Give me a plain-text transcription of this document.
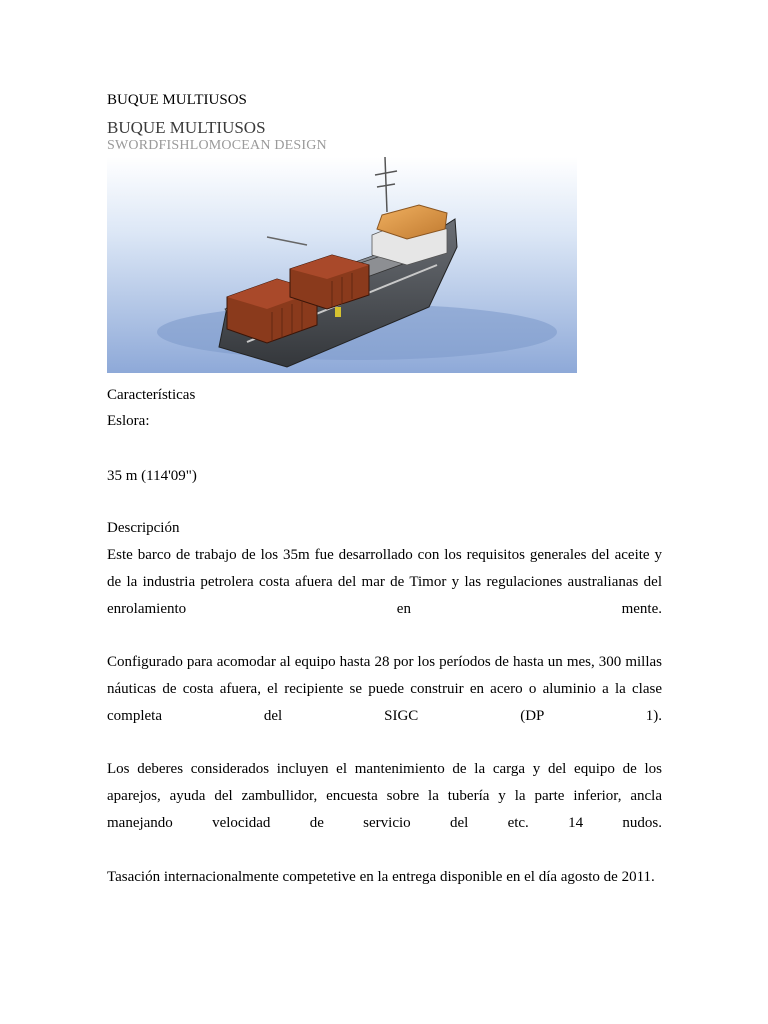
BUQUE MULTIUSOS
BUQUE MULTIUSOS
SWORDFISHLOMOCEAN DESIGN
Características
Eslora:
35 m (114'09")
Descripción

Este barco de trabajo de los 35m fue desarrollado con los requisitos generales del aceite y de la industria petrolera costa afuera del mar de Timor y las regulaciones australianas del enrolamiento en mente.

Configurado para acomodar al equipo hasta 28 por los períodos de hasta un mes, 300 millas náuticas de costa afuera, el recipiente se puede construir en acero o aluminio a la clase completa del SIGC (DP 1).

Los deberes considerados incluyen el mantenimiento de la carga y del equipo de los aparejos, ayuda del zambullidor, encuesta sobre la tubería y la parte inferior, ancla manejando velocidad de servicio del etc. 14 nudos.

Tasación internacionalmente competetive en la entrega disponible en el día agosto de 2011.
